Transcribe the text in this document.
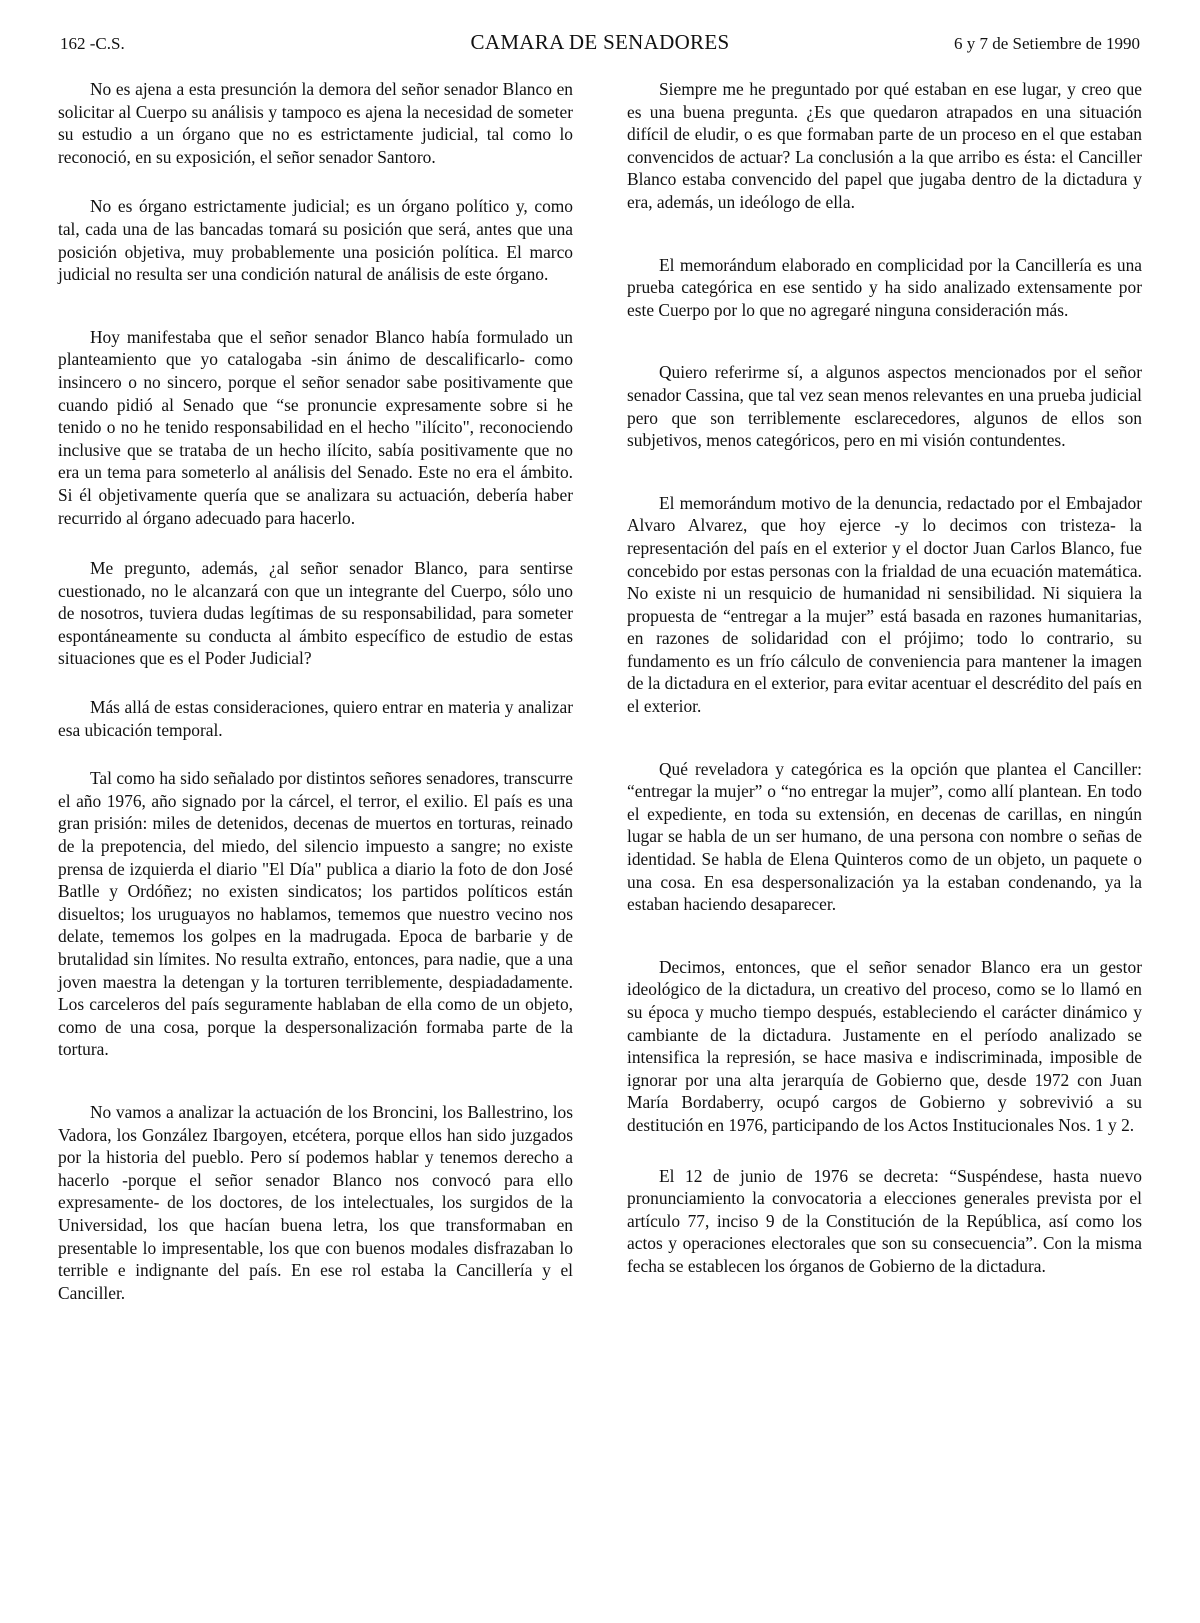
162 -C.S.	CAMARA DE SENADORES	6 y 7 de Setiembre de 1990

No es ajena a esta presunción la demora del señor senador Blanco en solicitar al Cuerpo su análisis y tampoco es ajena la necesidad de someter su estudio a un órgano que no es estrictamente judicial, tal como lo reconoció, en su exposición, el señor senador Santoro.

No es órgano estrictamente judicial; es un órgano político y, como tal, cada una de las bancadas tomará su posición que será, antes que una posición objetiva, muy probablemente una posición política. El marco judicial no resulta ser una condición natural de análisis de este órgano.

Hoy manifestaba que el señor senador Blanco había formulado un planteamiento que yo catalogaba -sin ánimo de descalificarlo- como insincero o no sincero, porque el señor senador sabe positivamente que cuando pidió al Senado que “se pronuncie expresamente sobre si he tenido o no he tenido responsabilidad en el hecho "ilícito", reconociendo inclusive que se trataba de un hecho ilícito, sabía positivamente que no era un tema para someterlo al análisis del Senado. Este no era el ámbito. Si él objetivamente quería que se analizara su actuación, debería haber recurrido al órgano adecuado para hacerlo.

Me pregunto, además, ¿al señor senador Blanco, para sentirse cuestionado, no le alcanzará con que un integrante del Cuerpo, sólo uno de nosotros, tuviera dudas legítimas de su responsabilidad, para someter espontáneamente su conducta al ámbito específico de estudio de estas situaciones que es el Poder Judicial?

Más allá de estas consideraciones, quiero entrar en materia y analizar esa ubicación temporal.

Tal como ha sido señalado por distintos señores senadores, transcurre el año 1976, año signado por la cárcel, el terror, el exilio. El país es una gran prisión: miles de detenidos, decenas de muertos en torturas, reinado de la prepotencia, del miedo, del silencio impuesto a sangre; no existe prensa de izquierda el diario "El Día" publica a diario la foto de don José Batlle y Ordóñez; no existen sindicatos; los partidos políticos están disueltos; los uruguayos no hablamos, tememos que nuestro vecino nos delate, tememos los golpes en la madrugada. Epoca de barbarie y de brutalidad sin límites. No resulta extraño, entonces, para nadie, que a una joven maestra la detengan y la torturen terriblemente, despiadadamente. Los carceleros del país seguramente hablaban de ella como de un objeto, como de una cosa, porque la despersonalización formaba parte de la tortura.

No vamos a analizar la actuación de los Broncini, los Ballestrino, los Vadora, los González Ibargoyen, etcétera, porque ellos han sido juzgados por la historia del pueblo. Pero sí podemos hablar y tenemos derecho a hacerlo -porque el señor senador Blanco nos convocó para ello expresamente- de los doctores, de los intelectuales, los surgidos de la Universidad, los que hacían buena letra, los que transformaban en presentable lo impresentable, los que con buenos modales disfrazaban lo terrible e indignante del país. En ese rol estaba la Cancillería y el Canciller.

Siempre me he preguntado por qué estaban en ese lugar, y creo que es una buena pregunta. ¿Es que quedaron atrapados en una situación difícil de eludir, o es que formaban parte de un proceso en el que estaban convencidos de actuar? La conclusión a la que arribo es ésta: el Canciller Blanco estaba convencido del papel que jugaba dentro de la dictadura y era, además, un ideólogo de ella.

El memorándum elaborado en complicidad por la Cancillería es una prueba categórica en ese sentido y ha sido analizado extensamente por este Cuerpo por lo que no agregaré ninguna consideración más.

Quiero referirme sí, a algunos aspectos mencionados por el señor senador Cassina, que tal vez sean menos relevantes en una prueba judicial pero que son terriblemente esclarecedores, algunos de ellos son subjetivos, menos categóricos, pero en mi visión contundentes.

El memorándum motivo de la denuncia, redactado por el Embajador Alvaro Alvarez, que hoy ejerce -y lo decimos con tristeza- la representación del país en el exterior y el doctor Juan Carlos Blanco, fue concebido por estas personas con la frialdad de una ecuación matemática. No existe ni un resquicio de humanidad ni sensibilidad. Ni siquiera la propuesta de “entregar a la mujer” está basada en razones humanitarias, en razones de solidaridad con el prójimo; todo lo contrario, su fundamento es un frío cálculo de conveniencia para mantener la imagen de la dictadura en el exterior, para evitar acentuar el descrédito del país en el exterior.

Qué reveladora y categórica es la opción que plantea el Canciller: “entregar la mujer” o “no entregar la mujer”, como allí plantean. En todo el expediente, en toda su extensión, en decenas de carillas, en ningún lugar se habla de un ser humano, de una persona con nombre o señas de identidad. Se habla de Elena Quinteros como de un objeto, un paquete o una cosa. En esa despersonalización ya la estaban condenando, ya la estaban haciendo desaparecer.

Decimos, entonces, que el señor senador Blanco era un gestor ideológico de la dictadura, un creativo del proceso, como se lo llamó en su época y mucho tiempo después, estableciendo el carácter dinámico y cambiante de la dictadura. Justamente en el período analizado se intensifica la represión, se hace masiva e indiscriminada, imposible de ignorar por una alta jerarquía de Gobierno que, desde 1972 con Juan María Bordaberry, ocupó cargos de Gobierno y sobrevivió a su destitución en 1976, participando de los Actos Institucionales Nos. 1 y 2.

El 12 de junio de 1976 se decreta: “Suspéndese, hasta nuevo pronunciamiento la convocatoria a elecciones generales prevista por el artículo 77, inciso 9 de la Constitución de la República, así como los actos y operaciones electorales que son su consecuencia”. Con la misma fecha se establecen los órganos de Gobierno de la dictadura.
